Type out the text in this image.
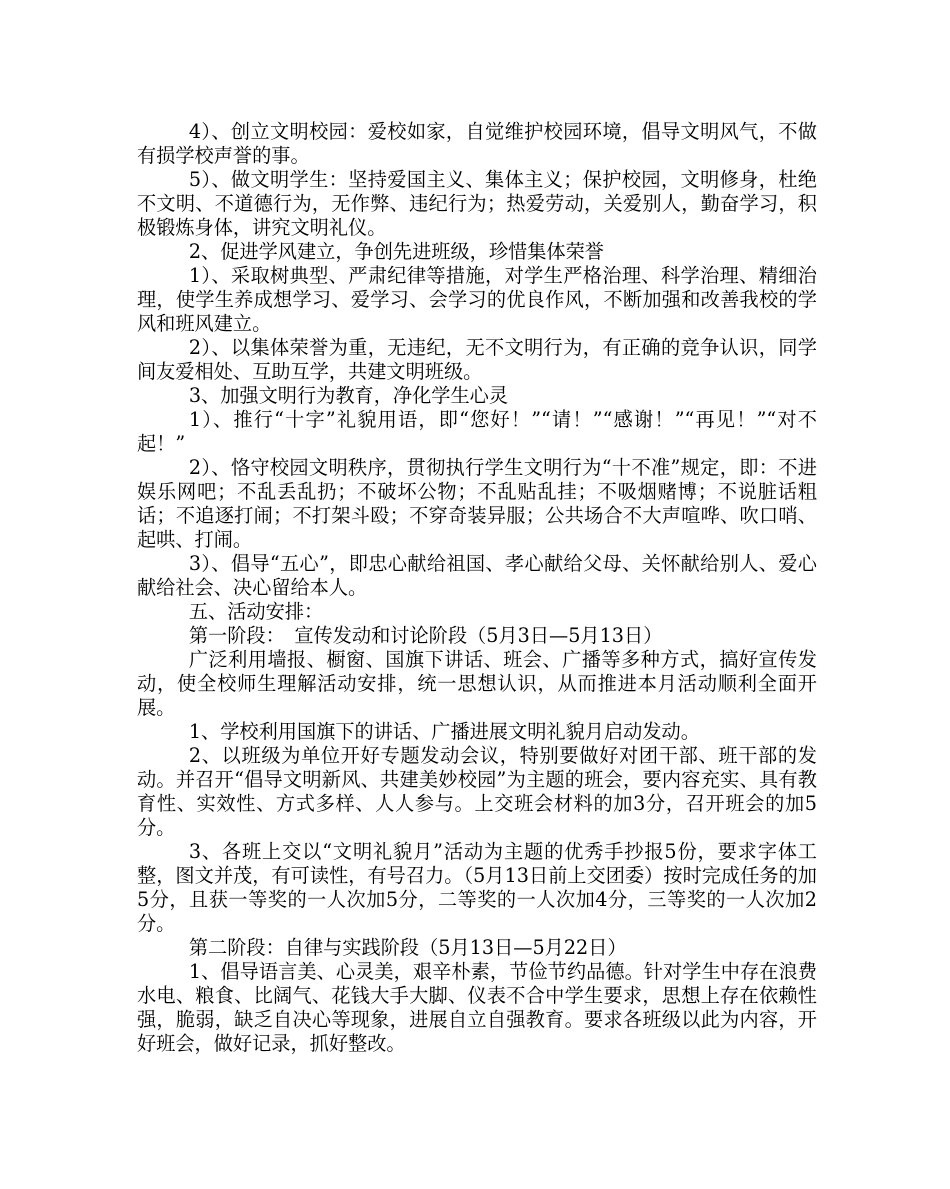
4）、创立文明校园：爱校如家，自觉维护校园环境，倡导文明风气，不做有损学校声誉的事。

5）、做文明学生：坚持爱国主义、集体主义；保护校园，文明修身，杜绝不文明、不道德行为，无作弊、违纪行为；热爱劳动，关爱别人，勤奋学习，积极锻炼身体，讲究文明礼仪。

2、促进学风建立，争创先进班级，珍惜集体荣誉

1）、采取树典型、严肃纪律等措施，对学生严格治理、科学治理、精细治理，使学生养成想学习、爱学习、会学习的优良作风，不断加强和改善我校的学风和班风建立。

2）、以集体荣誉为重，无违纪，无不文明行为，有正确的竞争认识，同学间友爱相处、互助互学，共建文明班级。

3、加强文明行为教育，净化学生心灵

1）、推行“十字”礼貌用语，即“您好！”“请！”“感谢！”“再见！”“对不起！”

2）、恪守校园文明秩序，贯彻执行学生文明行为“十不准”规定，即：不进娱乐网吧；不乱丢乱扔；不破坏公物；不乱贴乱挂；不吸烟赌博；不说脏话粗话；不追逐打闹；不打架斗殴；不穿奇装异服；公共场合不大声喧哗、吹口哨、起哄、打闹。

3）、倡导“五心”，即忠心献给祖国、孝心献给父母、关怀献给别人、爱心献给社会、决心留给本人。

五、活动安排：

第一阶段：　宣传发动和讨论阶段（5月3日—5月13日）

广泛利用墙报、橱窗、国旗下讲话、班会、广播等多种方式，搞好宣传发动，使全校师生理解活动安排，统一思想认识，从而推进本月活动顺利全面开展。

1、学校利用国旗下的讲话、广播进展文明礼貌月启动发动。

2、以班级为单位开好专题发动会议，特别要做好对团干部、班干部的发动。并召开“倡导文明新风、共建美妙校园”为主题的班会，要内容充实、具有教育性、实效性、方式多样、人人参与。上交班会材料的加3分，召开班会的加5分。

3、各班上交以“文明礼貌月”活动为主题的优秀手抄报5份，要求字体工整，图文并茂，有可读性，有号召力。（5月13日前上交团委）按时完成任务的加5分，且获一等奖的一人次加5分，二等奖的一人次加4分，三等奖的一人次加2分。

第二阶段：自律与实践阶段（5月13日—5月22日）

1、倡导语言美、心灵美，艰辛朴素，节俭节约品德。针对学生中存在浪费水电、粮食、比阔气、花钱大手大脚、仪表不合中学生要求，思想上存在依赖性强，脆弱，缺乏自决心等现象，进展自立自强教育。要求各班级以此为内容，开好班会，做好记录，抓好整改。
